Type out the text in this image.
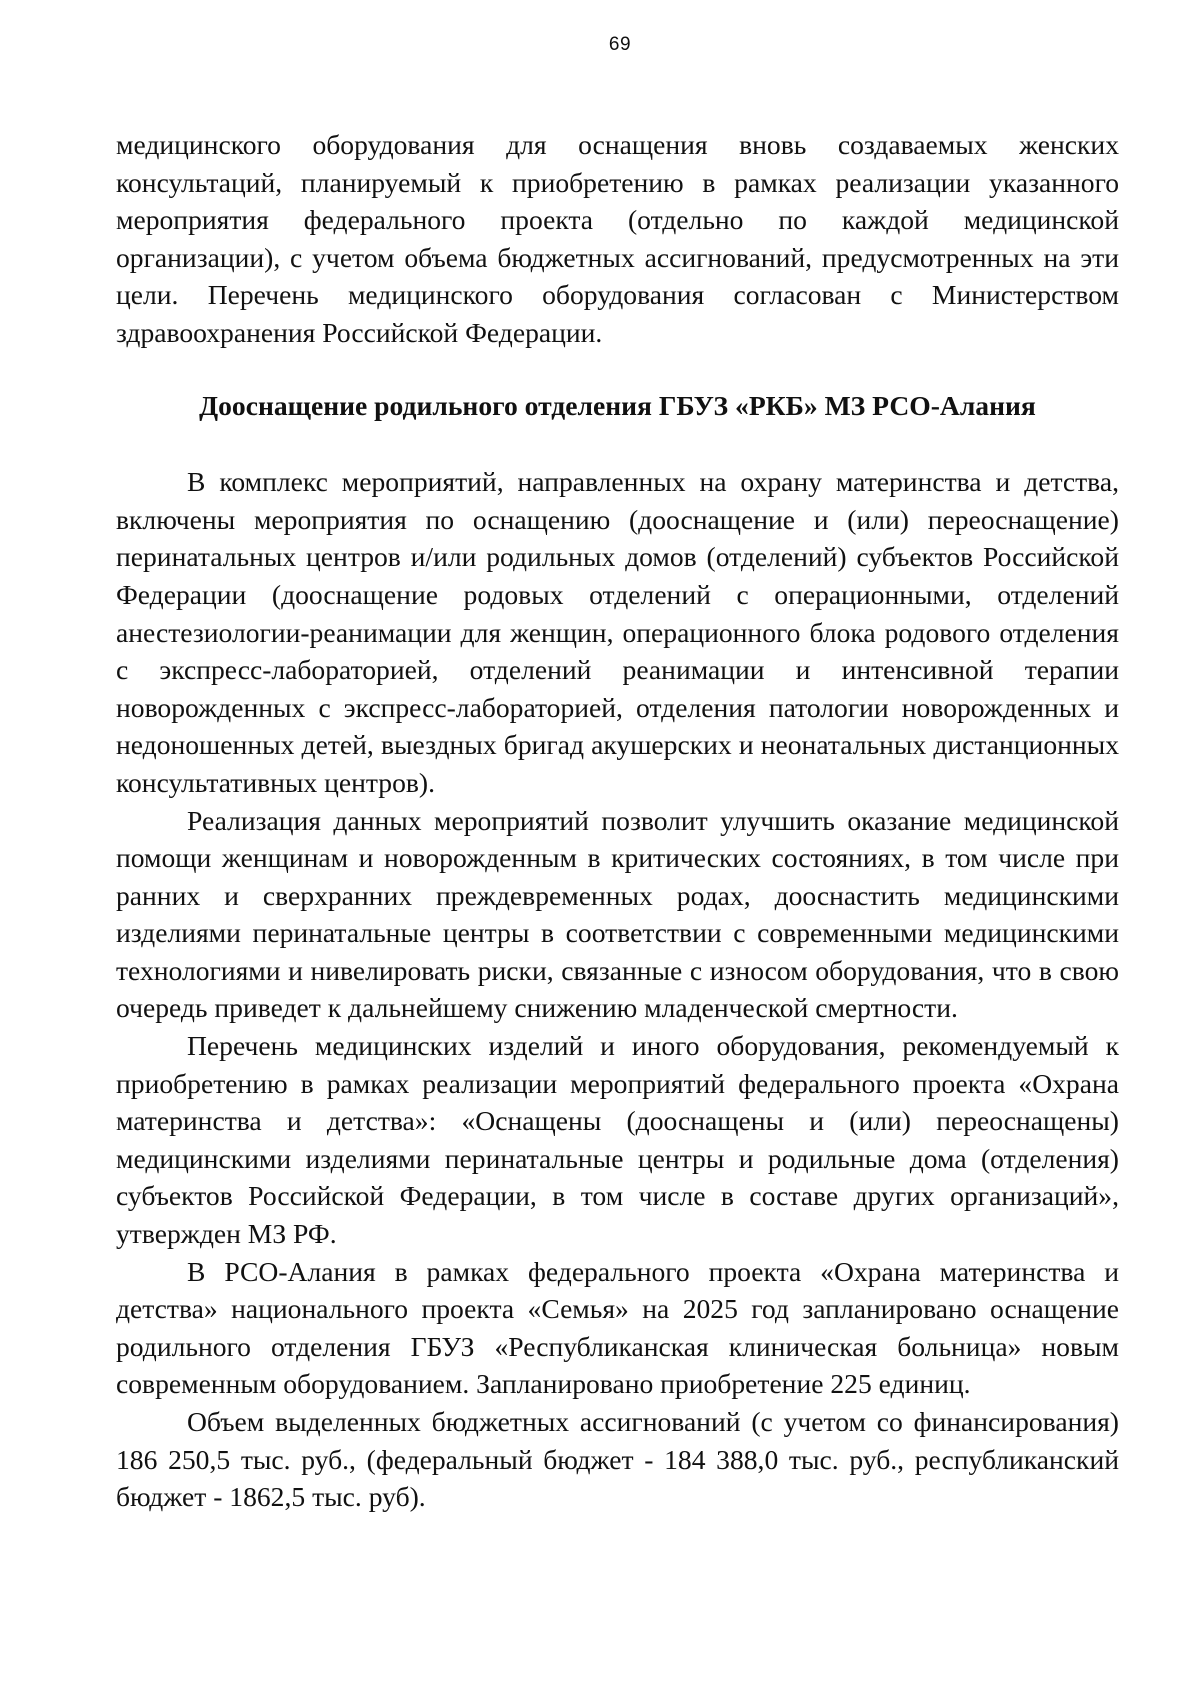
69

медицинского оборудования для оснащения вновь создаваемых женских консультаций, планируемый к приобретению в рамках реализации указанного мероприятия федерального проекта (отдельно по каждой медицинской организации), с учетом объема бюджетных ассигнований, предусмотренных на эти цели. Перечень медицинского оборудования согласован с Министерством здравоохранения Российской Федерации.

Дооснащение родильного отделения ГБУЗ «РКБ» МЗ РСО-Алания

В комплекс мероприятий, направленных на охрану материнства и детства, включены мероприятия по оснащению (дооснащение и (или) переоснащение) перинатальных центров и/или родильных домов (отделений) субъектов Российской Федерации (дооснащение родовых отделений с операционными, отделений анестезиологии-реанимации для женщин, операционного блока родового отделения с экспресс-лабораторией, отделений реанимации и интенсивной терапии новорожденных с экспресс-лабораторией, отделения патологии новорожденных и недоношенных детей, выездных бригад акушерских и неонатальных дистанционных консультативных центров).

Реализация данных мероприятий позволит улучшить оказание медицинской помощи женщинам и новорожденным в критических состояниях, в том числе при ранних и сверхранних преждевременных родах, дооснастить медицинскими изделиями перинатальные центры в соответствии с современными медицинскими технологиями и нивелировать риски, связанные с износом оборудования, что в свою очередь приведет к дальнейшему снижению младенческой смертности.

Перечень медицинских изделий и иного оборудования, рекомендуемый к приобретению в рамках реализации мероприятий федерального проекта «Охрана материнства и детства»: «Оснащены (дооснащены и (или) переоснащены) медицинскими изделиями перинатальные центры и родильные дома (отделения) субъектов Российской Федерации, в том числе в составе других организаций», утвержден МЗ РФ.

В РСО-Алания в рамках федерального проекта «Охрана материнства и детства» национального проекта «Семья» на 2025 год запланировано оснащение родильного отделения ГБУЗ «Республиканская клиническая больница» новым современным оборудованием. Запланировано приобретение 225 единиц.

Объем выделенных бюджетных ассигнований (с учетом со финансирования) 186 250,5 тыс. руб., (федеральный бюджет - 184 388,0 тыс. руб., республиканский бюджет - 1862,5 тыс. руб).
